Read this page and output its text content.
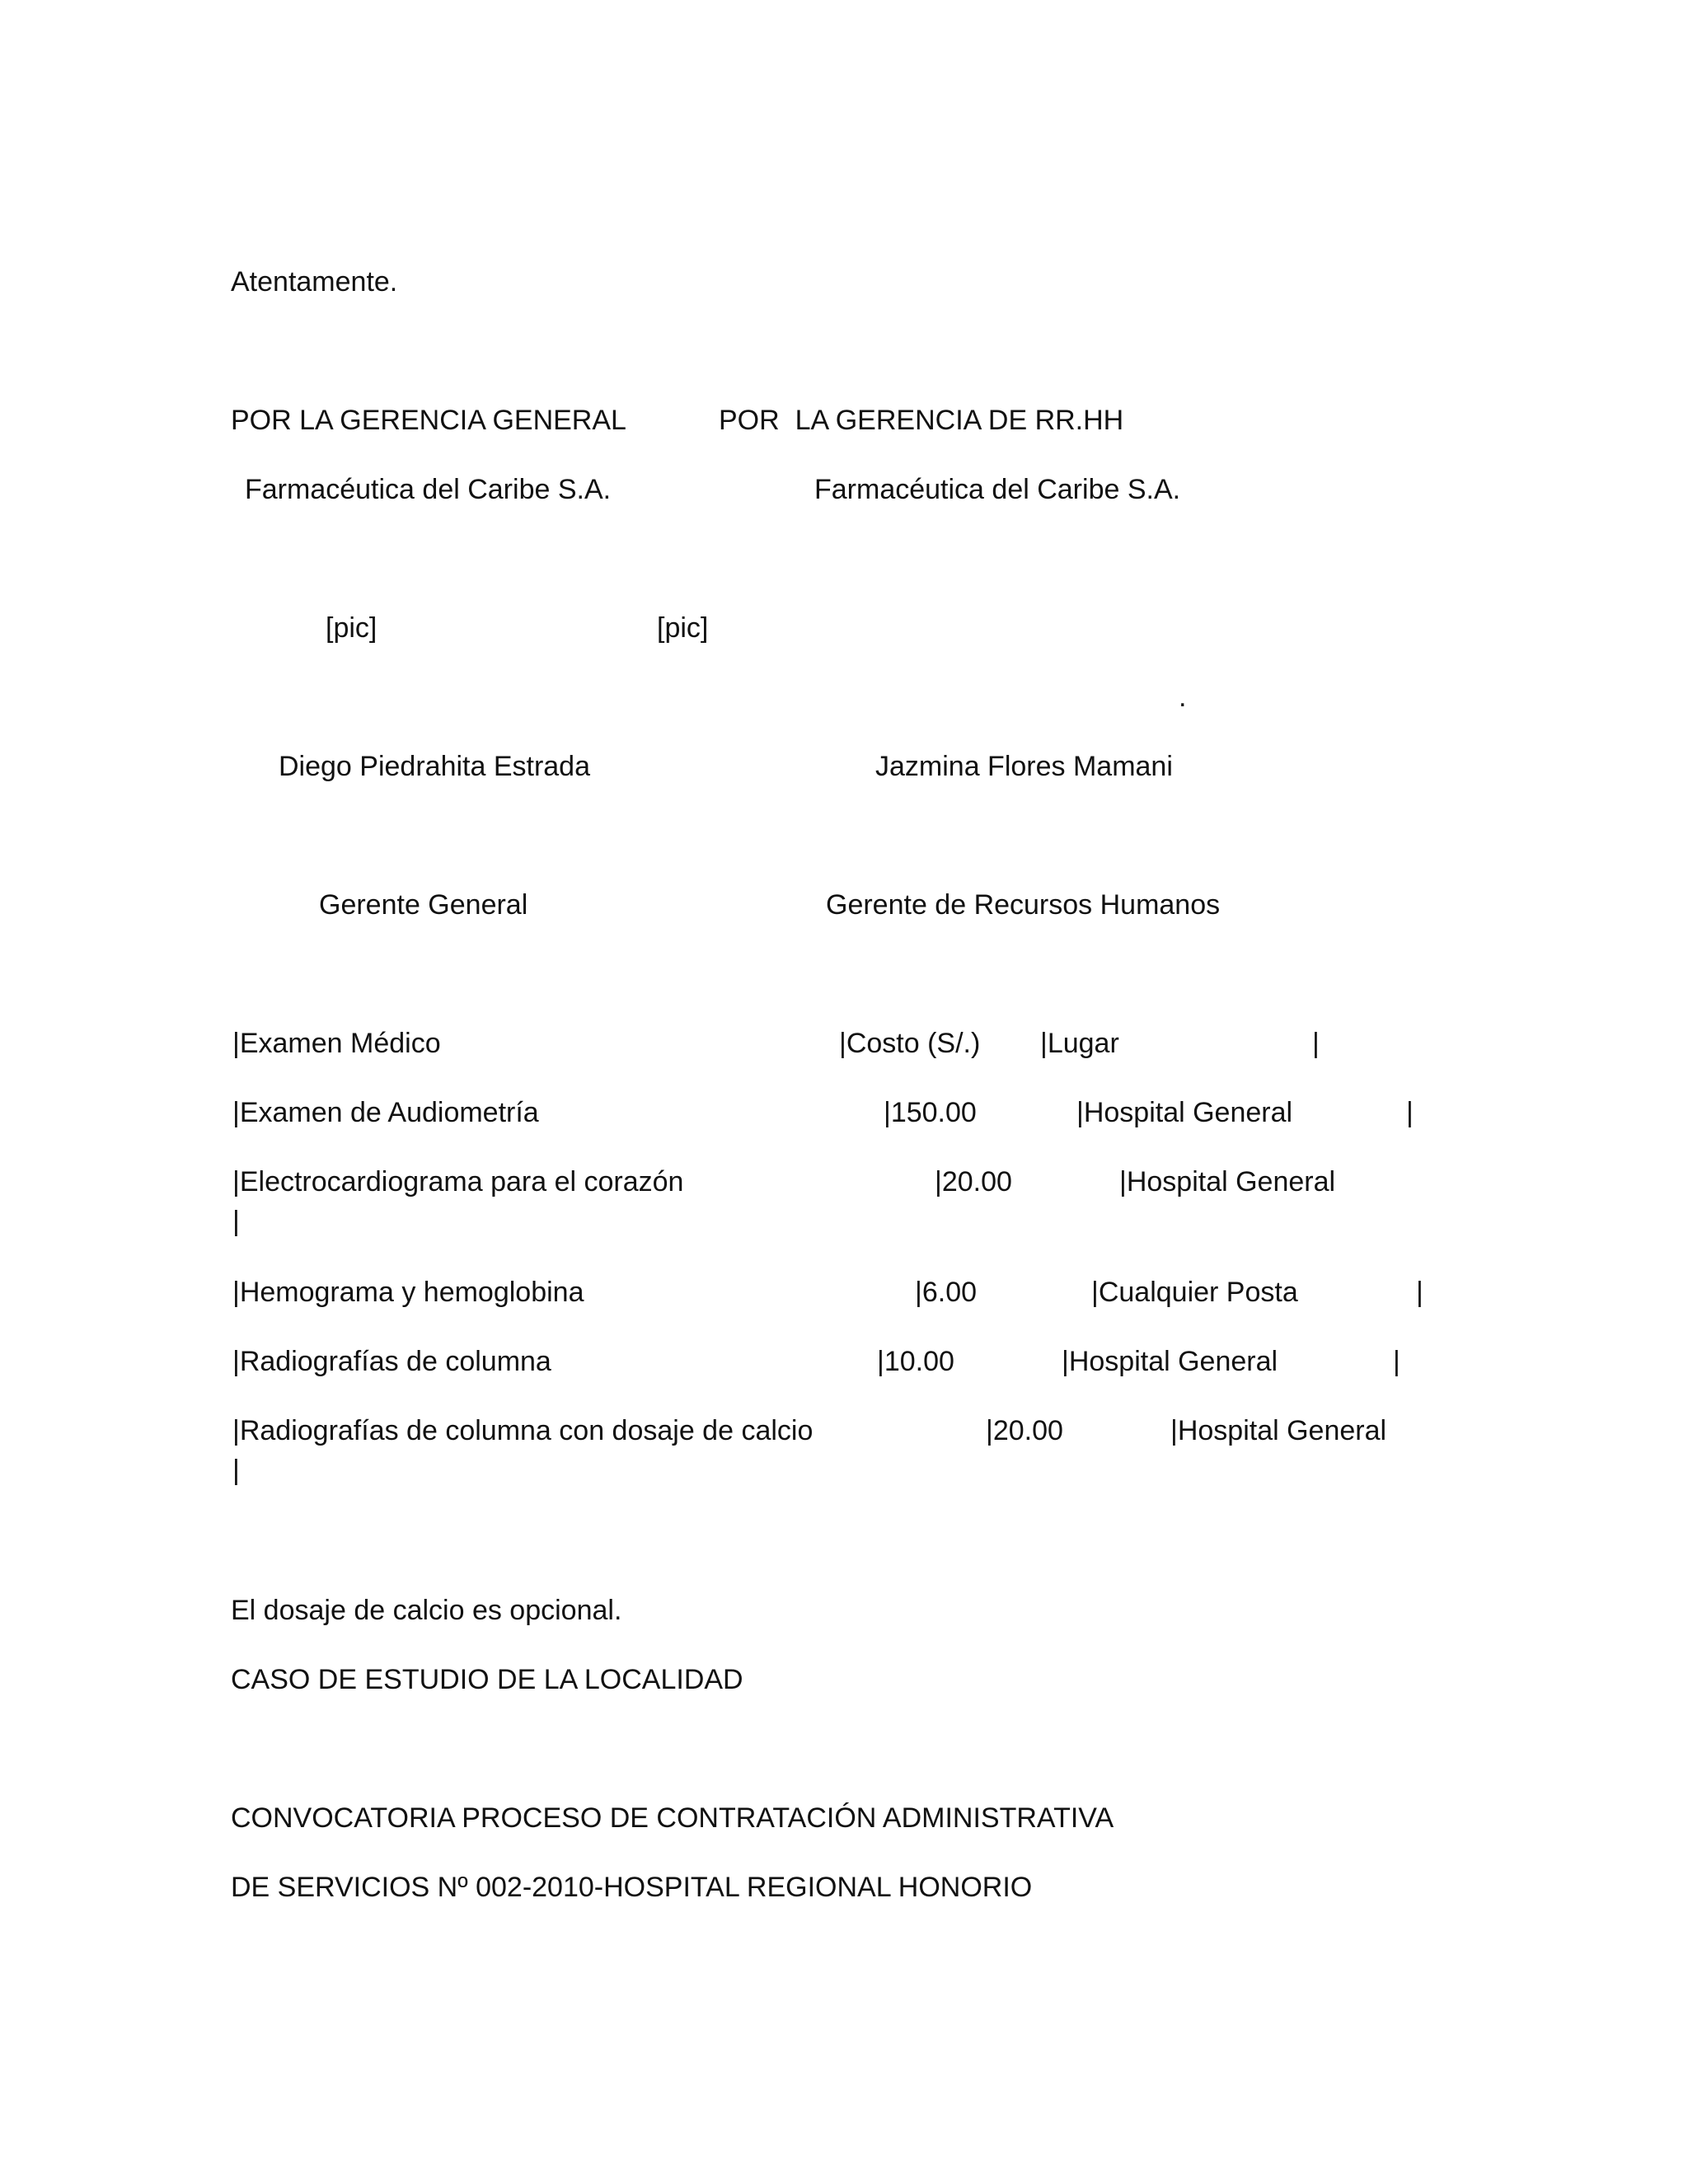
Atentamente.
POR LA GERENCIA GENERAL	POR  LA GERENCIA DE RR.HH
Farmacéutica del Caribe S.A.	Farmacéutica del Caribe S.A.
[pic]	[pic]
.
Diego Piedrahita Estrada	Jazmina Flores Mamani
Gerente General	Gerente de Recursos Humanos
|Examen Médico	|Costo (S/.) |Lugar	|
|Examen de Audiometría	|150.00	|Hospital General	|
|Electrocardiograma para el corazón	|20.00	|Hospital General
|
|Hemograma y hemoglobina	|6.00	|Cualquier Posta	|
|Radiografías de columna	|10.00	|Hospital General	|
|Radiografías de columna con dosaje de calcio	|20.00	|Hospital General
|
El dosaje de calcio es opcional.
CASO DE ESTUDIO DE LA LOCALIDAD
CONVOCATORIA PROCESO DE CONTRATACIÓN ADMINISTRATIVA
DE SERVICIOS Nº 002-2010-HOSPITAL REGIONAL HONORIO
